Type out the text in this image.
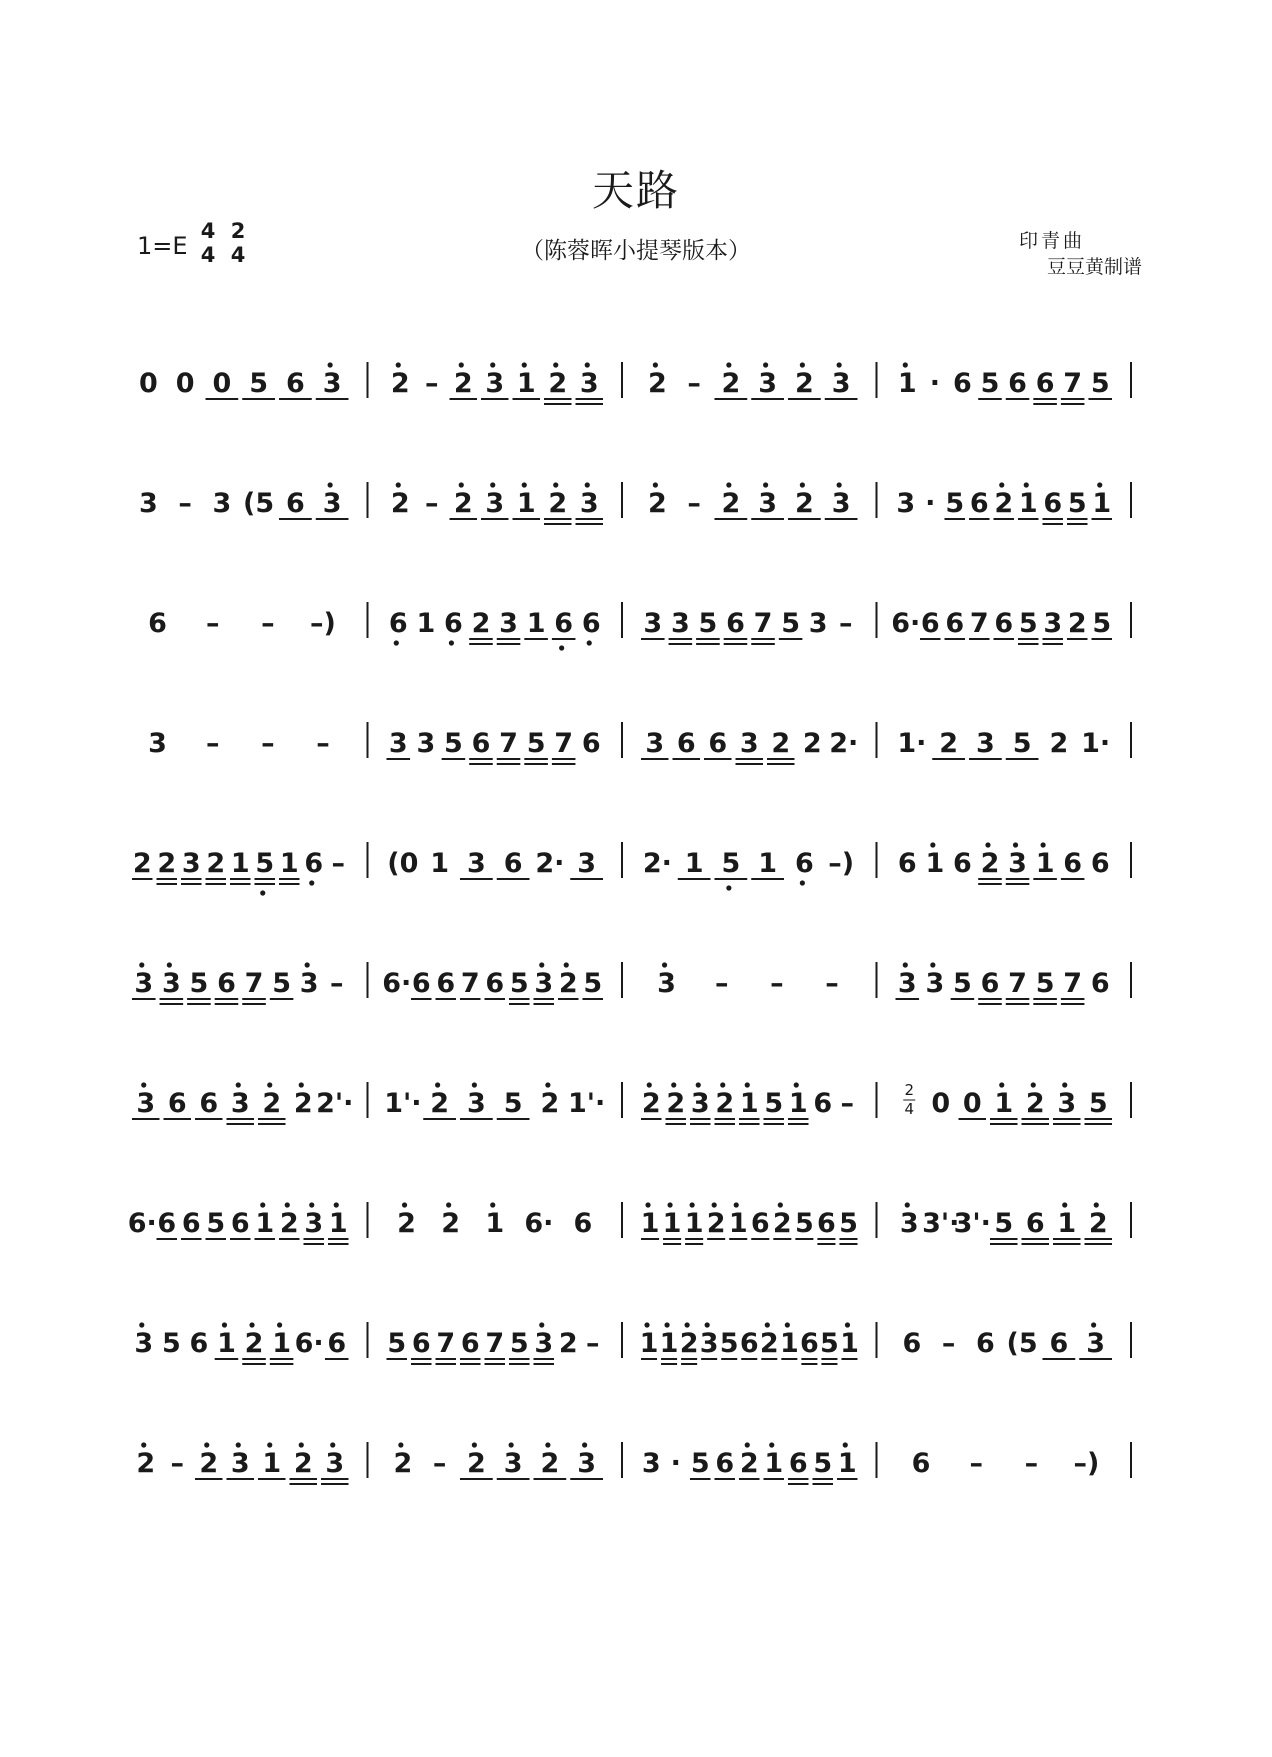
天路
1=E
4
4
2
4	（陈蓉晖小提琴版本）	印青曲
豆豆黄制谱
0 0 0 5 6 3 2 – 2 3 1 2 3 2 – 2 3 2 3 1 · 6 5 6 6 7 5
3 – 3 (5 6 3 2 – 2 3 1 2 3 2 – 2 3 2 3 3 · 5 6 2 1 6 5 1
6 – – –) 6 1 6 2 3 1 6 6 3 3 5 6 7 5 3 – 6· 6 6 7 6 5 3 2 5
3 – – – 3 3 5 6 7 5 7 6 3 6 6 3 2 2 2· 1· 2 3 5 2 1·
2 2 3 2 1 5 1 6 – (0 1 3 6 2· 3 2· 1 5 1 6 –) 6 1 6 2 3 1 6 6
3 3 5 6 7 5 3 – 6· 6 6 7 6 5 3 2 5 3 – – – 3 3 5 6 7 5 7 6
3 6 6 3 2 2 2'· 1'· 2 3 5 2 1'· 2 2 3 2 1 5 1 6 –	2
4 0 0 1 2 3 5
6· 6 6 5 6 1 2 3 1 2 2 1 6· 6 1 1 1 2 1 6 2 5 6 5 3 3'·
3'· 5 6 1 2
3 5 6 1 2 1 6· 6 5 6 7 6 7 5 3 2 – 1 1 2 3 5 6 2 1 6 5 1 6 – 6 (5 6 3
2 – 2 3 1 2 3 2 – 2 3 2 3 3 · 5 6 2 1 6 5 1 6 – – –)
